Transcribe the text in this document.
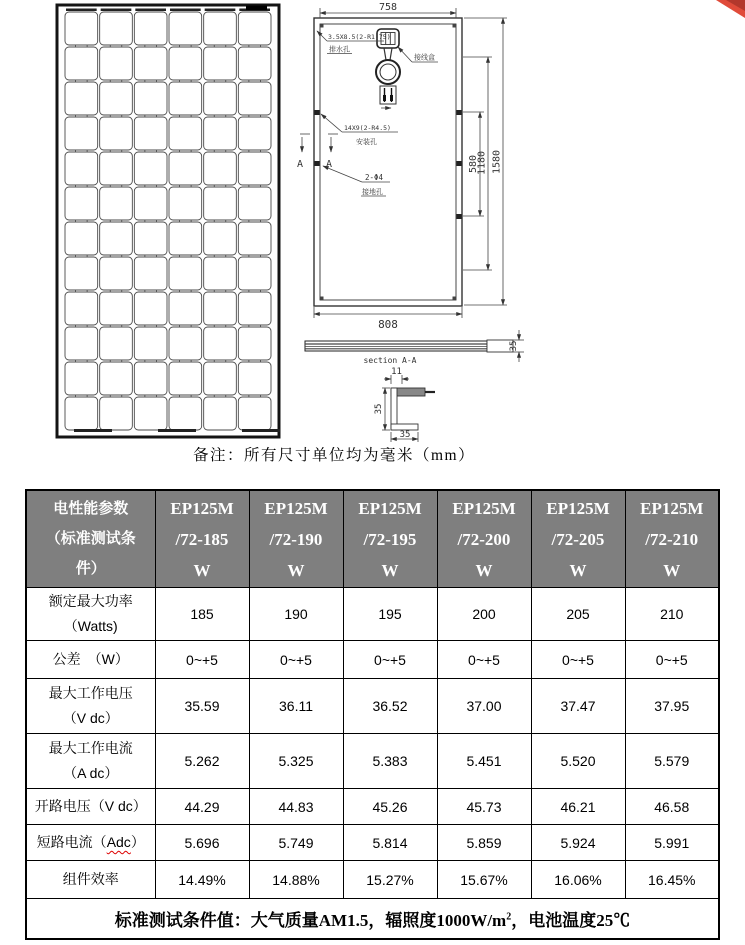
758
808
580
1180 1580
3.5X8.5(2-R1.75)
排水孔
接线盒
14X9(2-R4.5)
安装孔
2-Φ4
接地孔
A A
35
section A-A
11
35
35
备注：所有尺寸单位均为毫米（mm）
电性能参数
（标准测试条
件）	EP125M
/72-185
W	EP125M
/72-190
W	EP125M
/72-195
W	EP125M
/72-200
W	EP125M
/72-205
W	EP125M
/72-210
W
额定最大功率
（Watts)	185	190	195	200	205	210
公差　（W）	0~+5	0~+5	0~+5	0~+5	0~+5	0~+5
最大工作电压
（V dc）	35.59	36.11	36.52	37.00	37.47	37.95
最大工作电流
（A dc）	5.262	5.325	5.383	5.451	5.520	5.579
开路电压（V dc）	44.29	44.83	45.26	45.73	46.21	46.58
短路电流（Adc）	5.696	5.749	5.814	5.859	5.924	5.991
组件效率	14.49%	14.88%	15.27%	15.67%	16.06%	16.45%
标准测试条件值：大气质量AM1.5，辐照度$1000W/m^2$，电池温度25℃						
